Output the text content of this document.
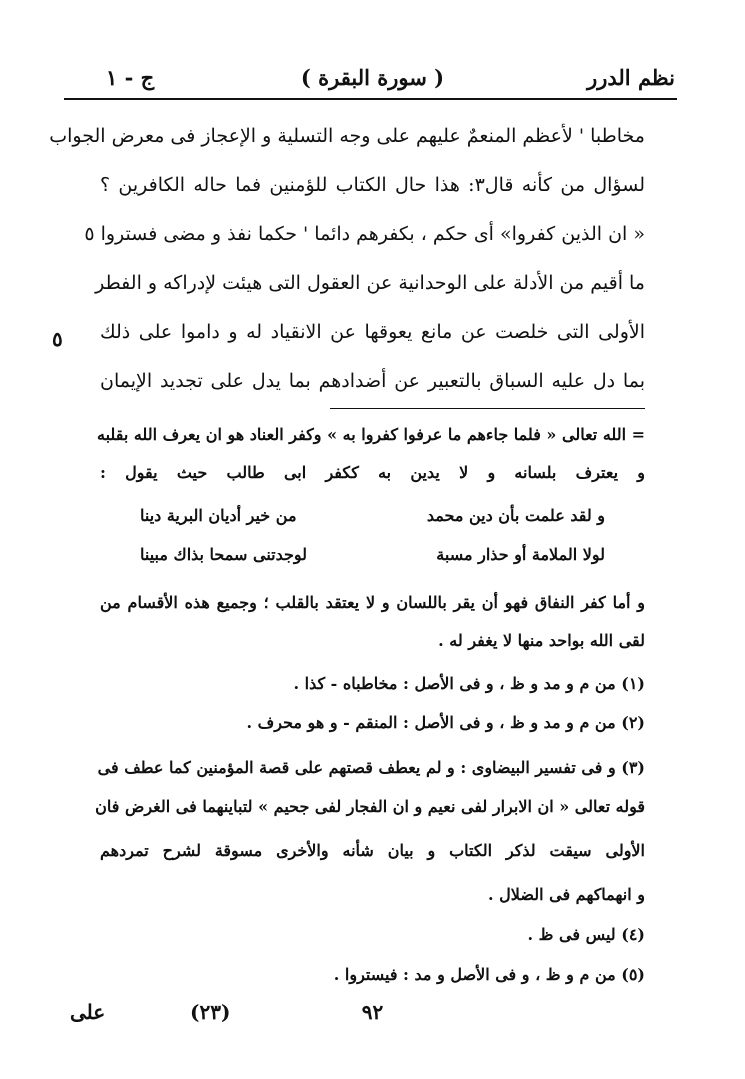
نظم الدرر
( سورة البقرة )
ج - ١
مخاطبا ' لأعظم المنعمٌ عليهم على وجه التسلية و الإعجاز فى معرض الجواب
لسؤال من كأنه قال٣: هذا حال الكتاب للؤمنين فما حاله الكافرين ؟
« ان الذين كفروا» أى حكم ، بكفرهم دائما ' حكما نفذ و مضى فستروا ٥
ما أقيم من الأدلة على الوحدانية عن العقول التى هيئت لإدراكه و الفطر
الأولى التى خلصت عن مانع يعوقها عن الانقياد له و داموا على ذلك
٥
بما دل عليه السباق بالتعبير عن أضدادهم بما يدل على تجديد الإيمان
= الله تعالى « فلما جاءهم ما عرفوا كفروا به » وكفر العناد هو ان يعرف الله بقلبه
و يعترف بلسانه و لا يدين به ككفر ابى طالب حيث يقول :
و لقد علمت بأن دين محمد
من خير أديان البرية دينا
لولا الملامة أو حذار مسبة
لوجدتنى سمحا بذاك مبينا
و أما كفر النفاق فهو أن يقر باللسان و لا يعتقد بالقلب ؛ وجميع هذه الأقسام من
لقى الله بواحد منها لا يغفر له .
(١) من م و مد و ظ ، و فى الأصل : مخاطباه - كذا .
(٢) من م و مد و ظ ، و فى الأصل : المنقم - و هو محرف .
(٣) و فى تفسير البيضاوى : و لم يعطف قصتهم على قصة المؤمنين كما عطف فى
قوله تعالى « ان الابرار لفى نعيم و ان الفجار لفى جحيم » لتباينهما فى الغرض فان
الأولى سيقت لذكر الكتاب و بيان شأنه والأخرى مسوقة لشرح تمردهم
و انهماكهم فى الضلال .
(٤) ليس فى ظ .
(٥) من م و ظ ، و فى الأصل و مد : فيستروا .
٩٢
(٢٣)
على
